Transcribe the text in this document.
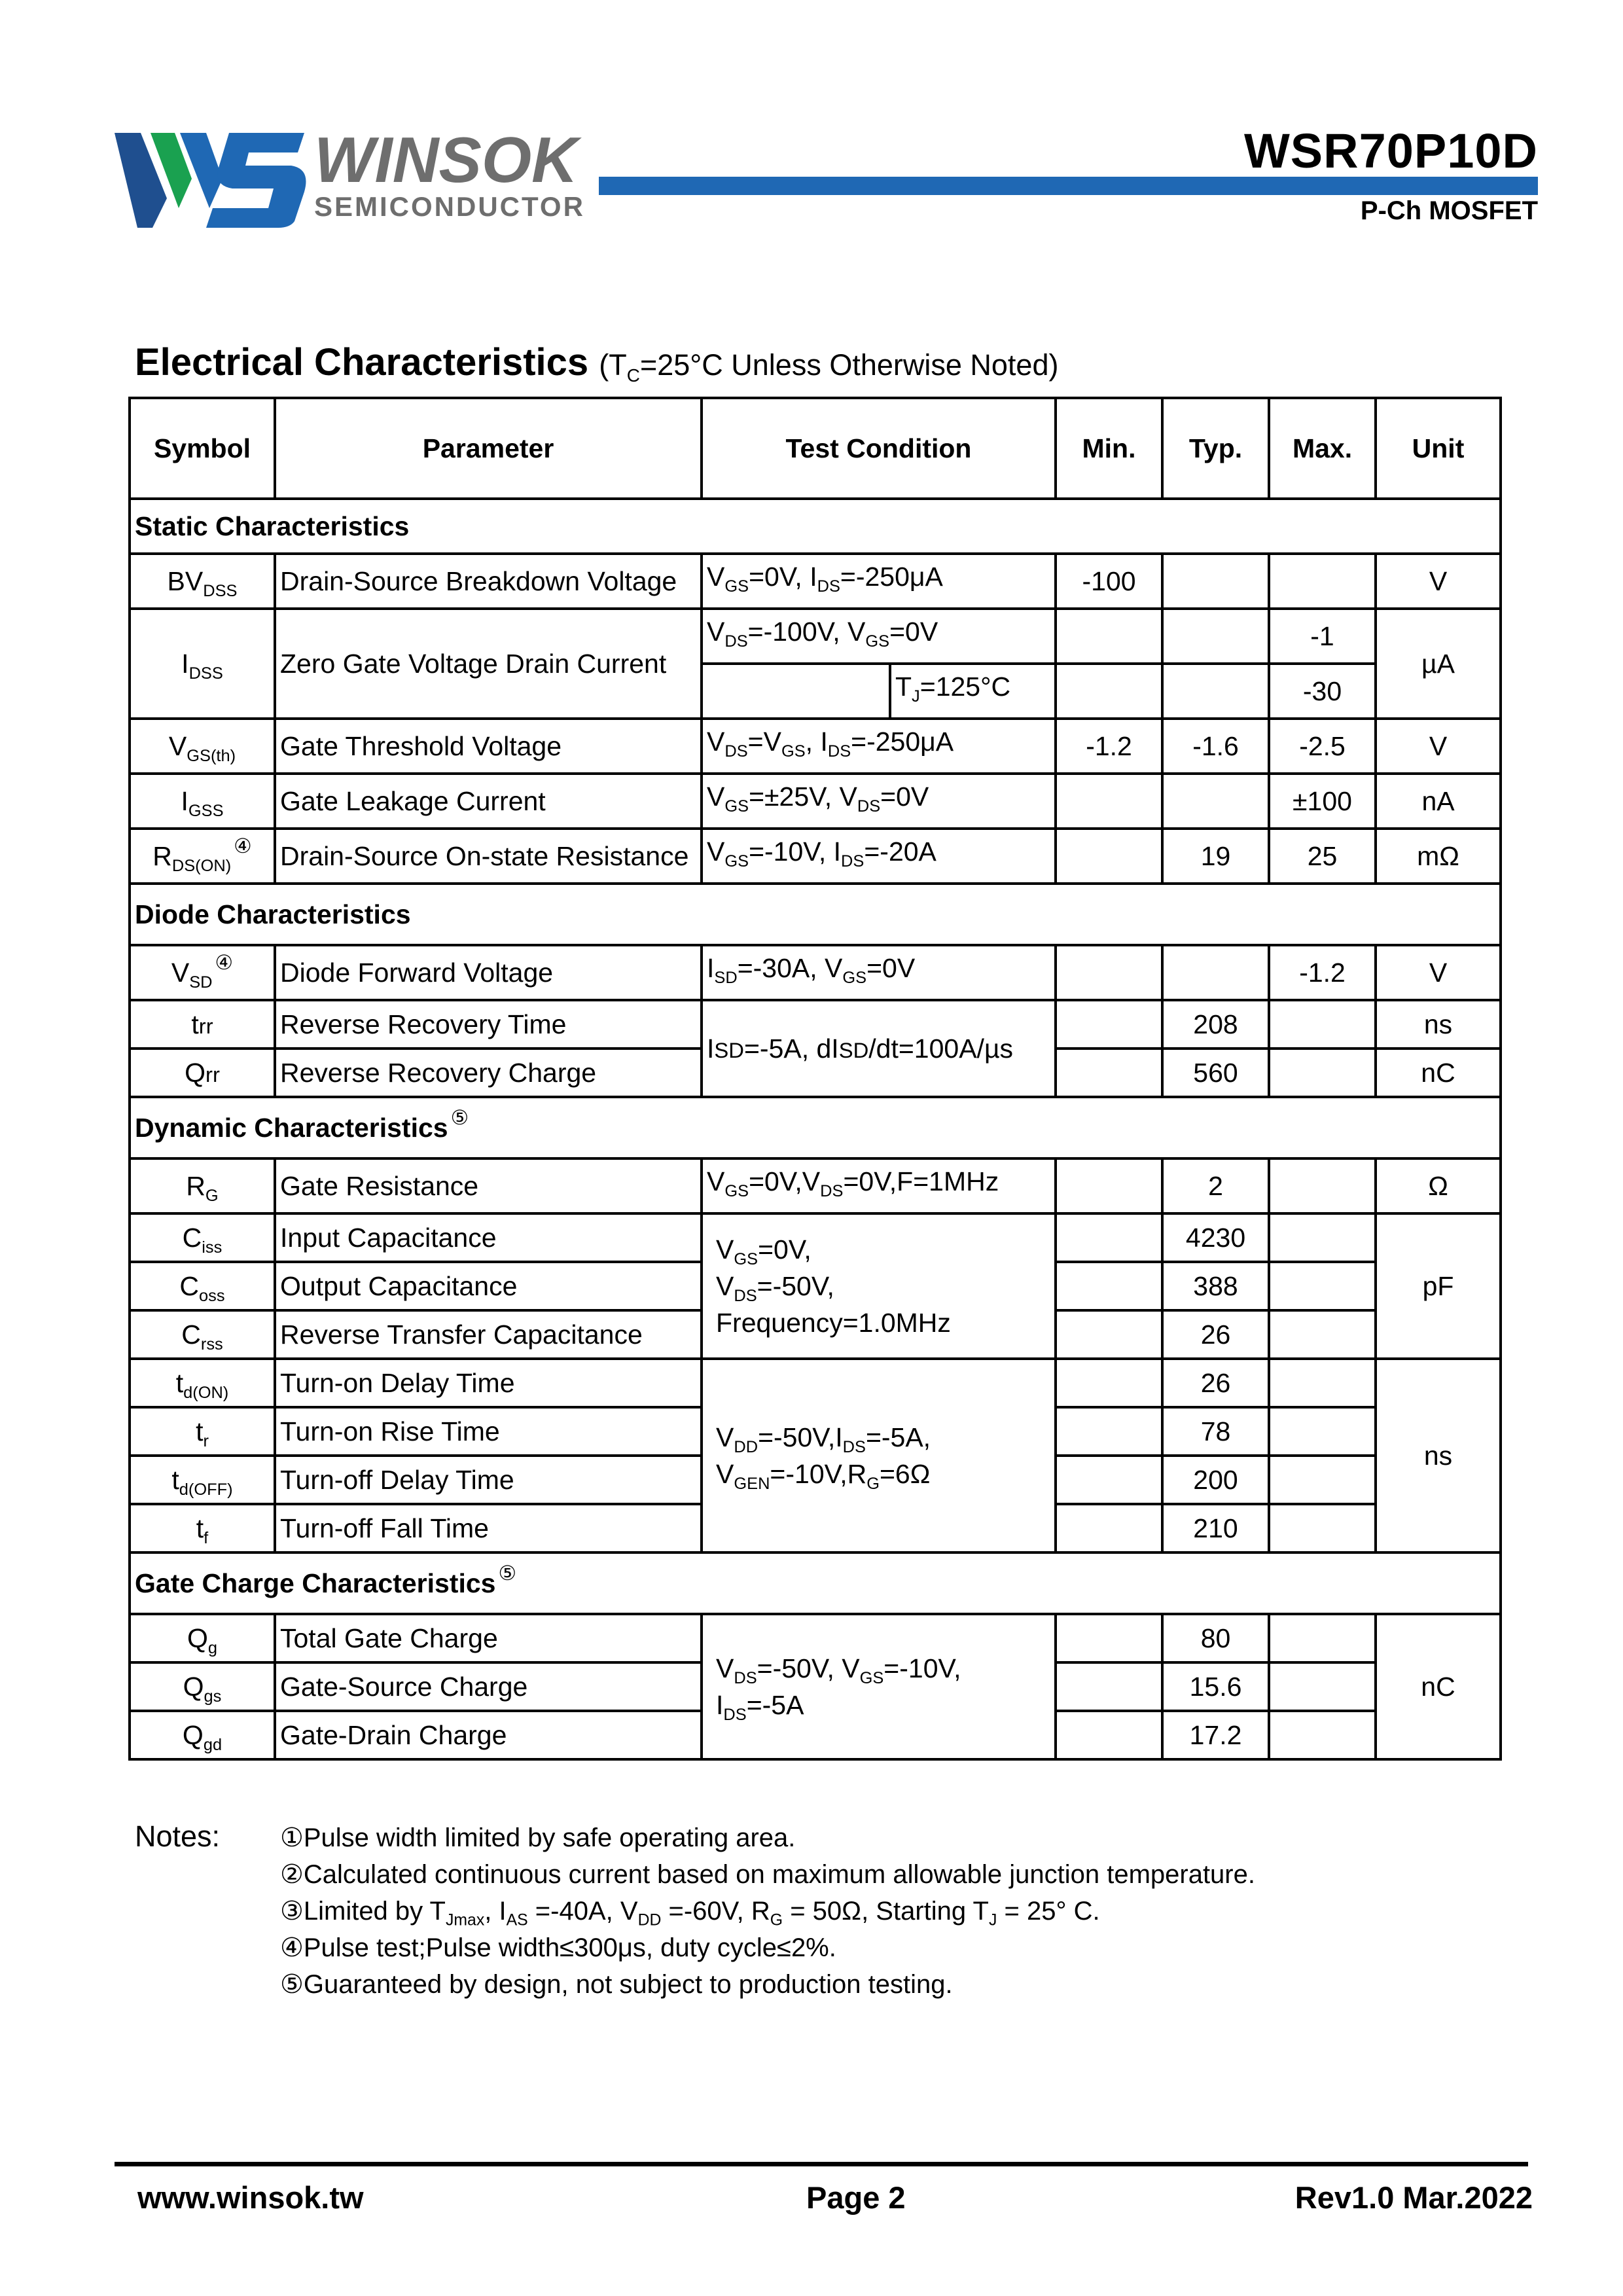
WINSOK
SEMICONDUCTOR
WSR70P10D
P-Ch MOSFET
Electrical Characteristics ($T_C=25^\circ C$ Unless Otherwise Noted)
Symbol	Parameter	Test Condition		Min.	Typ.	Max.	Unit
Static Characteristics							
$BV_{DSS}$	Drain-Source Breakdown Voltage	$V_{GS}=0V$, $I_{DS}=-250\mu A$		-100			V
$I_{DSS}$	Zero Gate Voltage Drain Current	$V_{DS}=-100V$, $V_{GS}=0V$				-1	µA
			$T_J=125^\circ C$			-30	
$V_{GS(th)}$	Gate Threshold Voltage	$V_{DS}=V_{GS}$, $I_{DS}=-250\mu A$		-1.2	-1.6	-2.5	V
$I_{GSS}$	Gate Leakage Current	$V_{GS}=\pm 25V$, $V_{DS}=0V$				±100	nA
$R_{DS(ON)}^④$	Drain-Source On-state Resistance	$V_{GS}=-10V$, $I_{DS}=-20A$			19	25	mΩ
Diode Characteristics							
$V_{SD}^④$	Diode Forward Voltage	$I_{SD}=-30A$, $V_{GS}=0V$				-1.2	V
trr	Reverse Recovery Time	ISD=-5A, dISD/dt=100A/µs			208		ns
Qrr	Reverse Recovery Charge				560		nC
Dynamic Characteristics ⑤
$R_G$	Gate Resistance	$V_{GS}=0V,V_{DS}=0V,F=1MHz$			2		Ω
$C_{iss}$	Input Capacitance	$V_{GS}=0V$,
$V_{DS}=-50V$,
Frequency=1.0MHz			4230		pF
$C_{oss}$	Output Capacitance				388		
$C_{rss}$	Reverse Transfer Capacitance				26		
$t_{d(ON)}$	Turn-on Delay Time	$V_{DD}=-50V,I_{DS}=-5A$,
$V_{GEN}=-10V,R_G=6\Omega$			26		ns
$t_r$	Turn-on Rise Time				78		
$t_{d(OFF)}$	Turn-off Delay Time				200		
$t_f$	Turn-off Fall Time				210		
Gate Charge Characteristics ⑤
$Q_g$	Total Gate Charge	$V_{DS}=-50V$, $V_{GS}=-10V$,
$I_{DS}=-5A$			80		nC
$Q_{gs}$	Gate-Source Charge				15.6		
$Q_{gd}$	Gate-Drain Charge				17.2		
Notes: ①Pulse width limited by safe operating area.
②Calculated continuous current based on maximum allowable junction temperature.
③Limited by $T_{Jmax}$, $I_{AS} =-40A$, $V_{DD} =-60V$, $R_G = 50\Omega$, Starting $T_J = 25^\circ$ C.
④Pulse test;Pulse width≤300μs, duty cycle≤2%.
⑤Guaranteed by design, not subject to production testing.
www.winsok.tw	Page 2	Rev1.0 Mar.2022
